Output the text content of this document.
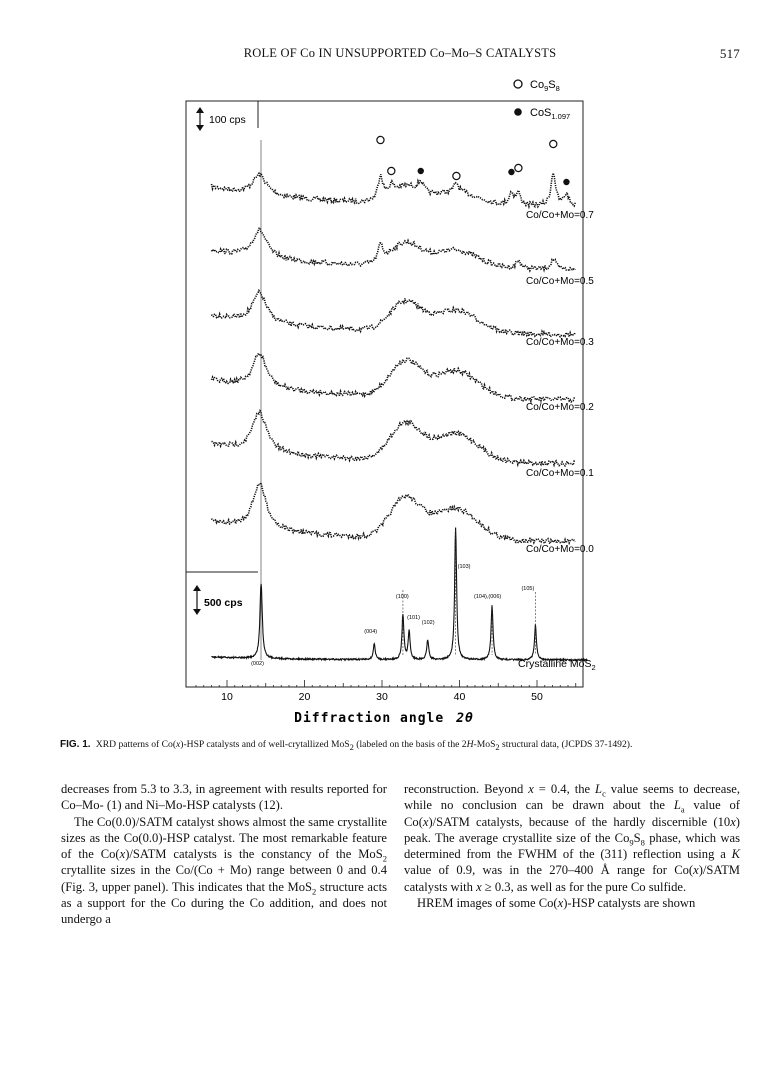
ROLE OF Co IN UNSUPPORTED Co–Mo–S CATALYSTS	517
$Co_9S_8$
CoS$_{1.097}$
100 cps
500 cps
(002)
(004)
(100)
(101)
(102)
(103)
(104),(006)
(105)
Co/Co+Mo=0.7
Co/Co+Mo=0.5
Co/Co+Mo=0.3
Co/Co+Mo=0.2
Co/Co+Mo=0.1
Co/Co+Mo=0.0
Crystalline MoS$_2$
10	20	30	40	50
Diffraction angle 2θ
FIG. 1. XRD patterns of Co(x)-HSP catalysts and of well-crytallized MoS$_2$ (labeled on the basis of the 2H-MoS$_2$ structural data, (JCPDS 37-1492).

decreases from 5.3 to 3.3, in agreement with results reported for Co–Mo- (1) and Ni–Mo-HSP catalysts (12).

The Co(0.0)/SATM catalyst shows almost the same crystallite sizes as the Co(0.0)-HSP catalyst. The most remarkable feature of the Co(x)/SATM catalysts is the constancy of the MoS$_2$ crytallite sizes in the Co/(Co + Mo) range between 0 and 0.4 (Fig. 3, upper panel). This indicates that the MoS$_2$ structure acts as a support for the Co during the Co addition, and does not undergo a

reconstruction. Beyond x = 0.4, the $L_c$ value seems to decrease, while no conclusion can be drawn about the $L_a$ value of Co(x)/SATM catalysts, because of the hardly discernible (10x) peak. The average crystallite size of the $Co_9S_8$ phase, which was determined from the FWHM of the (311) reflection using a K value of 0.9, was in the 270–400 Å range for Co(x)/SATM catalysts with x ≥ 0.3, as well as for the pure Co sulfide.

HREM images of some Co(x)-HSP catalysts are shown
